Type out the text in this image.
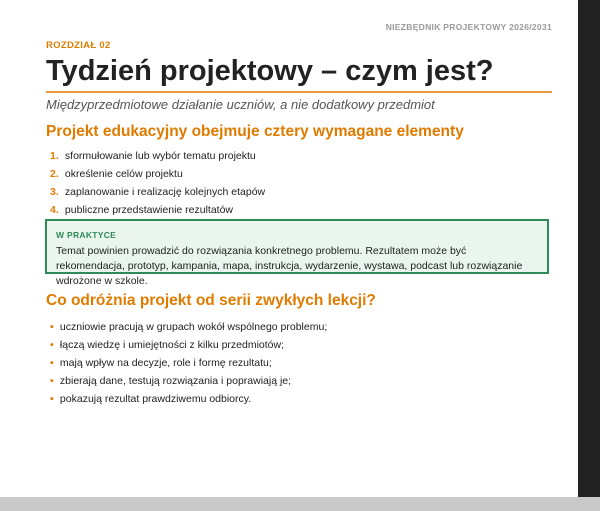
NIEZBĘDNIK PROJEKTOWY 2026/2031
ROZDZIAŁ 02
Tydzień projektowy – czym jest?
Międzyprzedmiotowe działanie uczniów, a nie dodatkowy przedmiot
Projekt edukacyjny obejmuje cztery wymagane elementy
1. sformułowanie lub wybór tematu projektu
2. określenie celów projektu
3. zaplanowanie i realizację kolejnych etapów
4. publiczne przedstawienie rezultatów
W PRAKTYCE
Temat powinien prowadzić do rozwiązania konkretnego problemu. Rezultatem może być rekomendacja, prototyp, kampania, mapa, instrukcja, wydarzenie, wystawa, podcast lub rozwiązanie wdrożone w szkole.
Co odróżnia projekt od serii zwykłych lekcji?
• uczniowie pracują w grupach wokół wspólnego problemu;
• łączą wiedzę i umiejętności z kilku przedmiotów;
• mają wpływ na decyzje, role i formę rezultatu;
• zbierają dane, testują rozwiązania i poprawiają je;
• pokazują rezultat prawdziwemu odbiorcy.
